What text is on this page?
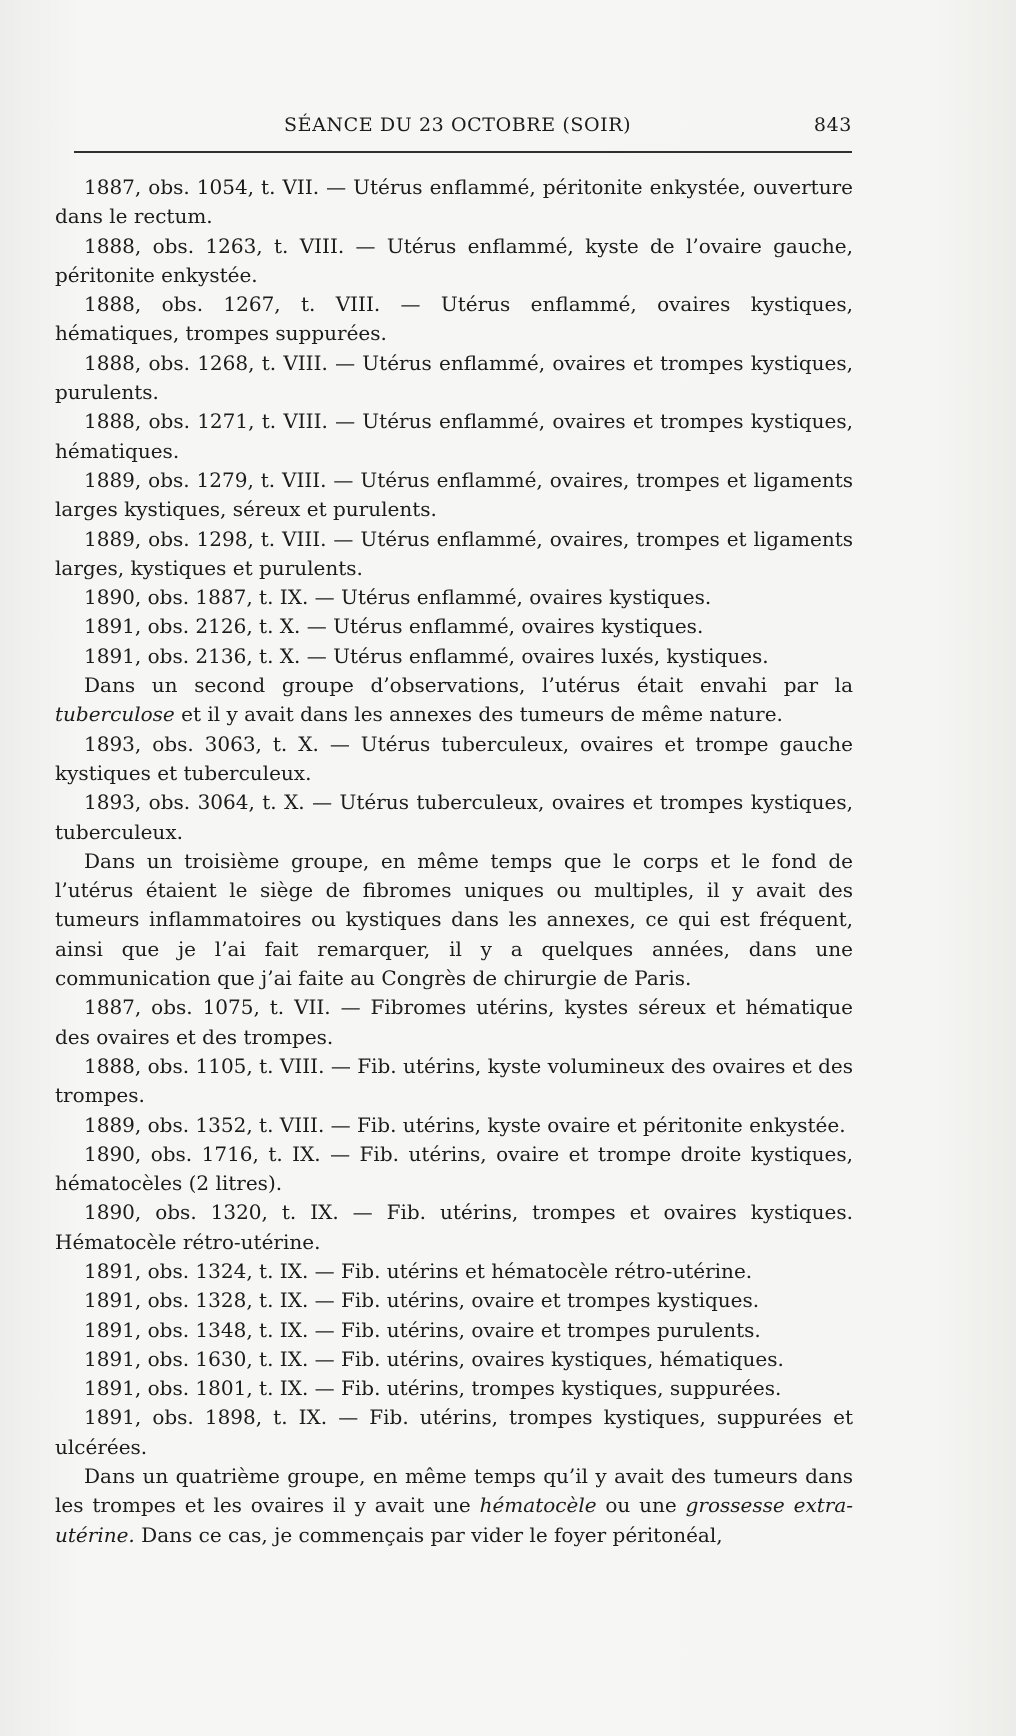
SÉANCE DU 23 OCTOBRE (SOIR)	843

1887, obs. 1054, t. VII. — Utérus enflammé, péritonite enkystée, ouverture dans le rectum.

1888, obs. 1263, t. VIII. — Utérus enflammé, kyste de l’ovaire gauche, péritonite enkystée.

1888, obs. 1267, t. VIII. — Utérus enflammé, ovaires kystiques, hématiques, trompes suppurées.

1888, obs. 1268, t. VIII. — Utérus enflammé, ovaires et trompes kystiques, purulents.

1888, obs. 1271, t. VIII. — Utérus enflammé, ovaires et trompes kystiques, hématiques.

1889, obs. 1279, t. VIII. — Utérus enflammé, ovaires, trompes et ligaments larges kystiques, séreux et purulents.

1889, obs. 1298, t. VIII. — Utérus enflammé, ovaires, trompes et ligaments larges, kystiques et purulents.

1890, obs. 1887, t. IX. — Utérus enflammé, ovaires kystiques.

1891, obs. 2126, t. X. — Utérus enflammé, ovaires kystiques.

1891, obs. 2136, t. X. — Utérus enflammé, ovaires luxés, kystiques.

Dans un second groupe d’observations, l’utérus était envahi par la tuberculose et il y avait dans les annexes des tumeurs de même nature.

1893, obs. 3063, t. X. — Utérus tuberculeux, ovaires et trompe gauche kystiques et tuberculeux.

1893, obs. 3064, t. X. — Utérus tuberculeux, ovaires et trompes kystiques, tuberculeux.

Dans un troisième groupe, en même temps que le corps et le fond de l’utérus étaient le siège de fibromes uniques ou multiples, il y avait des tumeurs inflammatoires ou kystiques dans les annexes, ce qui est fréquent, ainsi que je l’ai fait remarquer, il y a quelques années, dans une communication que j’ai faite au Congrès de chirurgie de Paris.

1887, obs. 1075, t. VII. — Fibromes utérins, kystes séreux et hématique des ovaires et des trompes.

1888, obs. 1105, t. VIII. — Fib. utérins, kyste volumineux des ovaires et des trompes.

1889, obs. 1352, t. VIII. — Fib. utérins, kyste ovaire et péritonite enkystée.

1890, obs. 1716, t. IX. — Fib. utérins, ovaire et trompe droite kystiques, hématocèles (2 litres).

1890, obs. 1320, t. IX. — Fib. utérins, trompes et ovaires kystiques. Hématocèle rétro-utérine.

1891, obs. 1324, t. IX. — Fib. utérins et hématocèle rétro-utérine.

1891, obs. 1328, t. IX. — Fib. utérins, ovaire et trompes kystiques.

1891, obs. 1348, t. IX. — Fib. utérins, ovaire et trompes purulents.

1891, obs. 1630, t. IX. — Fib. utérins, ovaires kystiques, hématiques.

1891, obs. 1801, t. IX. — Fib. utérins, trompes kystiques, suppurées.

1891, obs. 1898, t. IX. — Fib. utérins, trompes kystiques, suppurées et ulcérées.

Dans un quatrième groupe, en même temps qu’il y avait des tumeurs dans les trompes et les ovaires il y avait une hématocèle ou une grossesse extra-utérine. Dans ce cas, je commençais par vider le foyer péritonéal,
